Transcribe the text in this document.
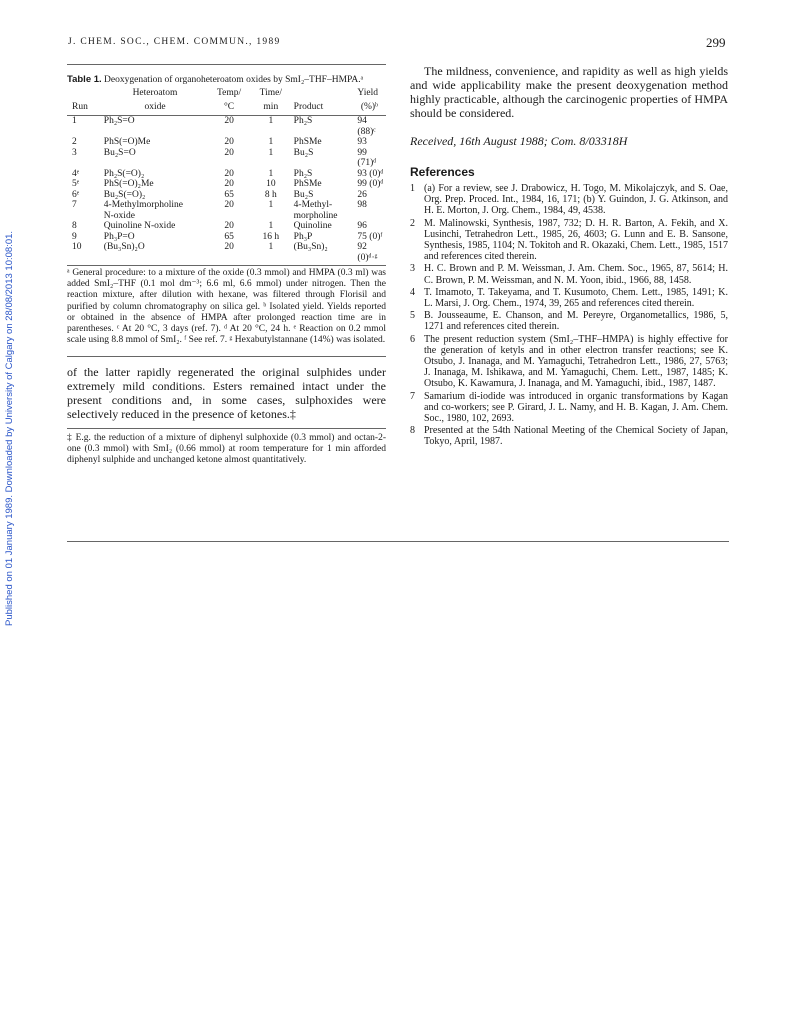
Published on 01 January 1989. Downloaded by University of Calgary on 28/08/2013 10:08:01.
J. CHEM. SOC., CHEM. COMMUN., 1989	299
Table 1. Deoxygenation of organoheteroatom oxides by SmI₂–THF–HMPA.ᵃ
	Heteroatom	Temp/	Time/		Yield
Run	oxide	°C	min	Product	(%)ᵇ
1	Ph₂S=O	20	1	Ph₂S	94 (88)ᶜ
2	PhS(=O)Me	20	1	PhSMe	93
3	Bu₂S=O	20	1	Bu₂S	99 (71)ᵈ
4ᵉ	Ph₂S(=O)₂	20	1	Ph₂S	93 (0)ᵈ
5ᵉ	PhS(=O)₂Me	20	10	PhSMe	99 (0)ᵈ
6ᵉ	Bu₂S(=O)₂	65	8 h	Bu₂S	26
7	4-Methylmorpholine	20	1	4-Methyl-	98
	N-oxide			morpholine	
8	Quinoline N-oxide	20	1	Quinoline	96
9	Ph₃P=O	65	16 h	Ph₃P	75 (0)ᶠ
10	(Bu₃Sn)₂O	20	1	(Bu₃Sn)₂	92 (0)ᵈ·ᵍ
ᵃ General procedure: to a mixture of the oxide (0.3 mmol) and HMPA (0.3 ml) was added SmI₂–THF (0.1 mol dm⁻³; 6.6 ml, 6.6 mmol) under nitrogen. Then the reaction mixture, after dilution with hexane, was filtered through Florisil and purified by column chromatography on silica gel. ᵇ Isolated yield. Yields reported or obtained in the absence of HMPA after prolonged reaction time are in parentheses. ᶜ At 20 °C, 3 days (ref. 7). ᵈ At 20 °C, 24 h. ᵉ Reaction on 0.2 mmol scale using 8.8 mmol of SmI₂. ᶠ See ref. 7. ᵍ Hexabutylstannane (14%) was isolated.
of the latter rapidly regenerated the original sulphides under extremely mild conditions. Esters remained intact under the present conditions and, in some cases, sulphoxides were selectively reduced in the presence of ketones.‡
‡ E.g. the reduction of a mixture of diphenyl sulphoxide (0.3 mmol) and octan-2-one (0.3 mmol) with SmI₂ (0.66 mmol) at room temperature for 1 min afforded diphenyl sulphide and unchanged ketone almost quantitatively.
The mildness, convenience, and rapidity as well as high yields and wide applicability make the present deoxygenation method highly practicable, although the carcinogenic properties of HMPA should be considered.
Received, 16th August 1988; Com. 8/03318H
References
1 (a) For a review, see J. Drabowicz, H. Togo, M. Mikolajczyk, and S. Oae, Org. Prep. Proced. Int., 1984, 16, 171; (b) Y. Guindon, J. G. Atkinson, and H. E. Morton, J. Org. Chem., 1984, 49, 4538.
2 M. Malinowski, Synthesis, 1987, 732; D. H. R. Barton, A. Fekih, and X. Lusinchi, Tetrahedron Lett., 1985, 26, 4603; G. Lunn and E. B. Sansone, Synthesis, 1985, 1104; N. Tokitoh and R. Okazaki, Chem. Lett., 1985, 1517 and references cited therein.
3 H. C. Brown and P. M. Weissman, J. Am. Chem. Soc., 1965, 87, 5614; H. C. Brown, P. M. Weissman, and N. M. Yoon, ibid., 1966, 88, 1458.
4 T. Imamoto, T. Takeyama, and T. Kusumoto, Chem. Lett., 1985, 1491; K. L. Marsi, J. Org. Chem., 1974, 39, 265 and references cited therein.
5 B. Jousseaume, E. Chanson, and M. Pereyre, Organometallics, 1986, 5, 1271 and references cited therein.
6 The present reduction system (SmI₂–THF–HMPA) is highly effective for the generation of ketyls and in other electron transfer reactions; see K. Otsubo, J. Inanaga, and M. Yamaguchi, Tetrahedron Lett., 1986, 27, 5763; J. Inanaga, M. Ishikawa, and M. Yamaguchi, Chem. Lett., 1987, 1485; K. Otsubo, K. Kawamura, J. Inanaga, and M. Yamaguchi, ibid., 1987, 1487.
7 Samarium di-iodide was introduced in organic transformations by Kagan and co-workers; see P. Girard, J. L. Namy, and H. B. Kagan, J. Am. Chem. Soc., 1980, 102, 2693.
8 Presented at the 54th National Meeting of the Chemical Society of Japan, Tokyo, April, 1987.
